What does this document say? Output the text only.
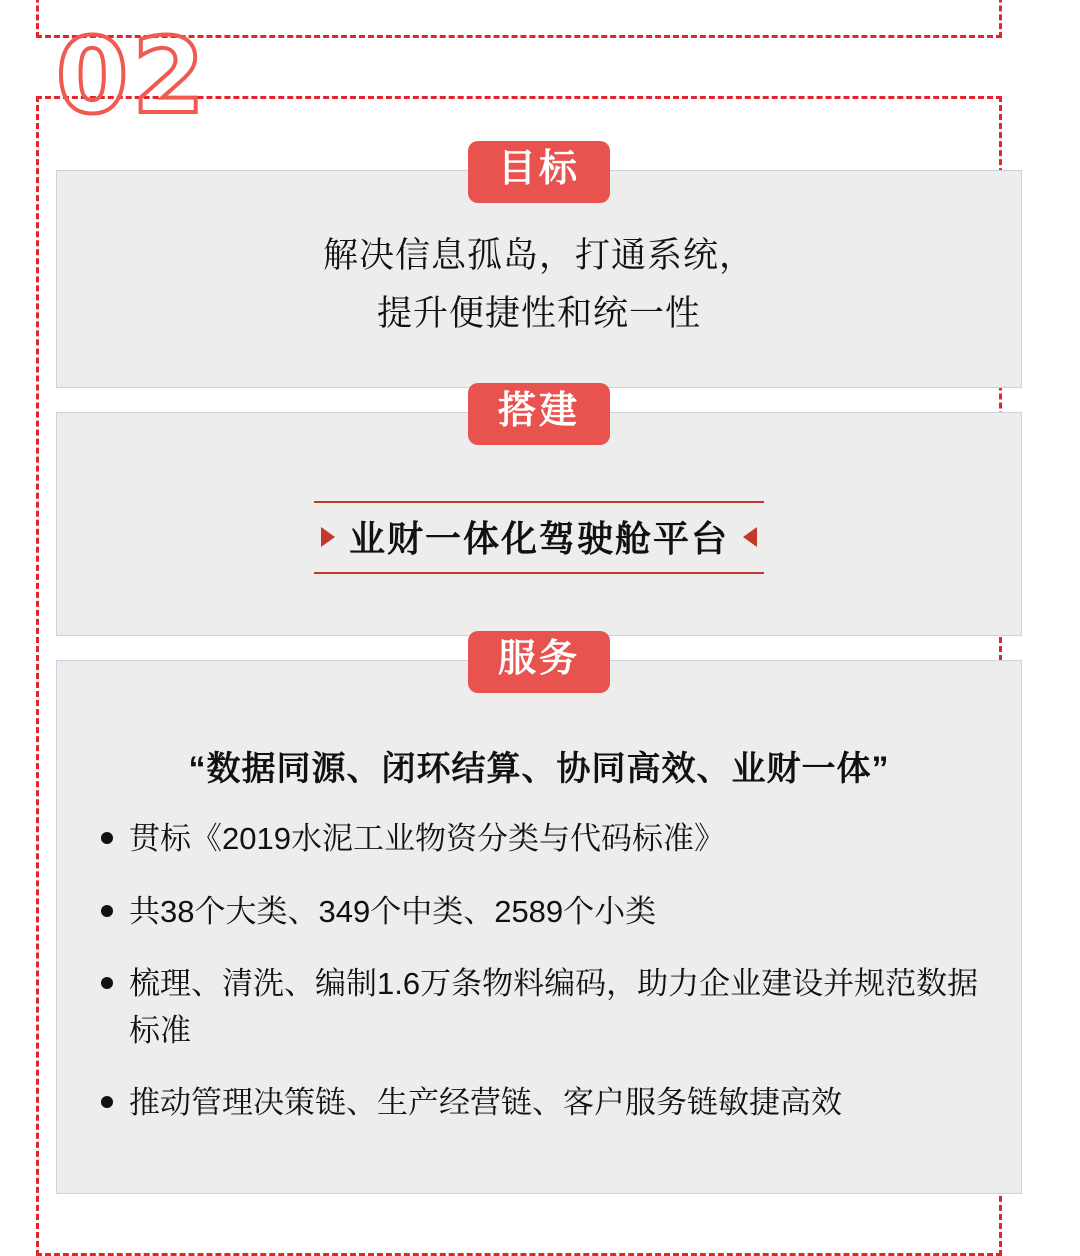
02
目标
解决信息孤岛，打通系统，
提升便捷性和统一性
搭建
业财一体化驾驶舱平台
服务
“数据同源、闭环结算、协同高效、业财一体”
贯标《2019水泥工业物资分类与代码标准》
共38个大类、349个中类、2589个小类
梳理、清洗、编制1.6万条物料编码，助力企业建设并规范数据标准
推动管理决策链、生产经营链、客户服务链敏捷高效
